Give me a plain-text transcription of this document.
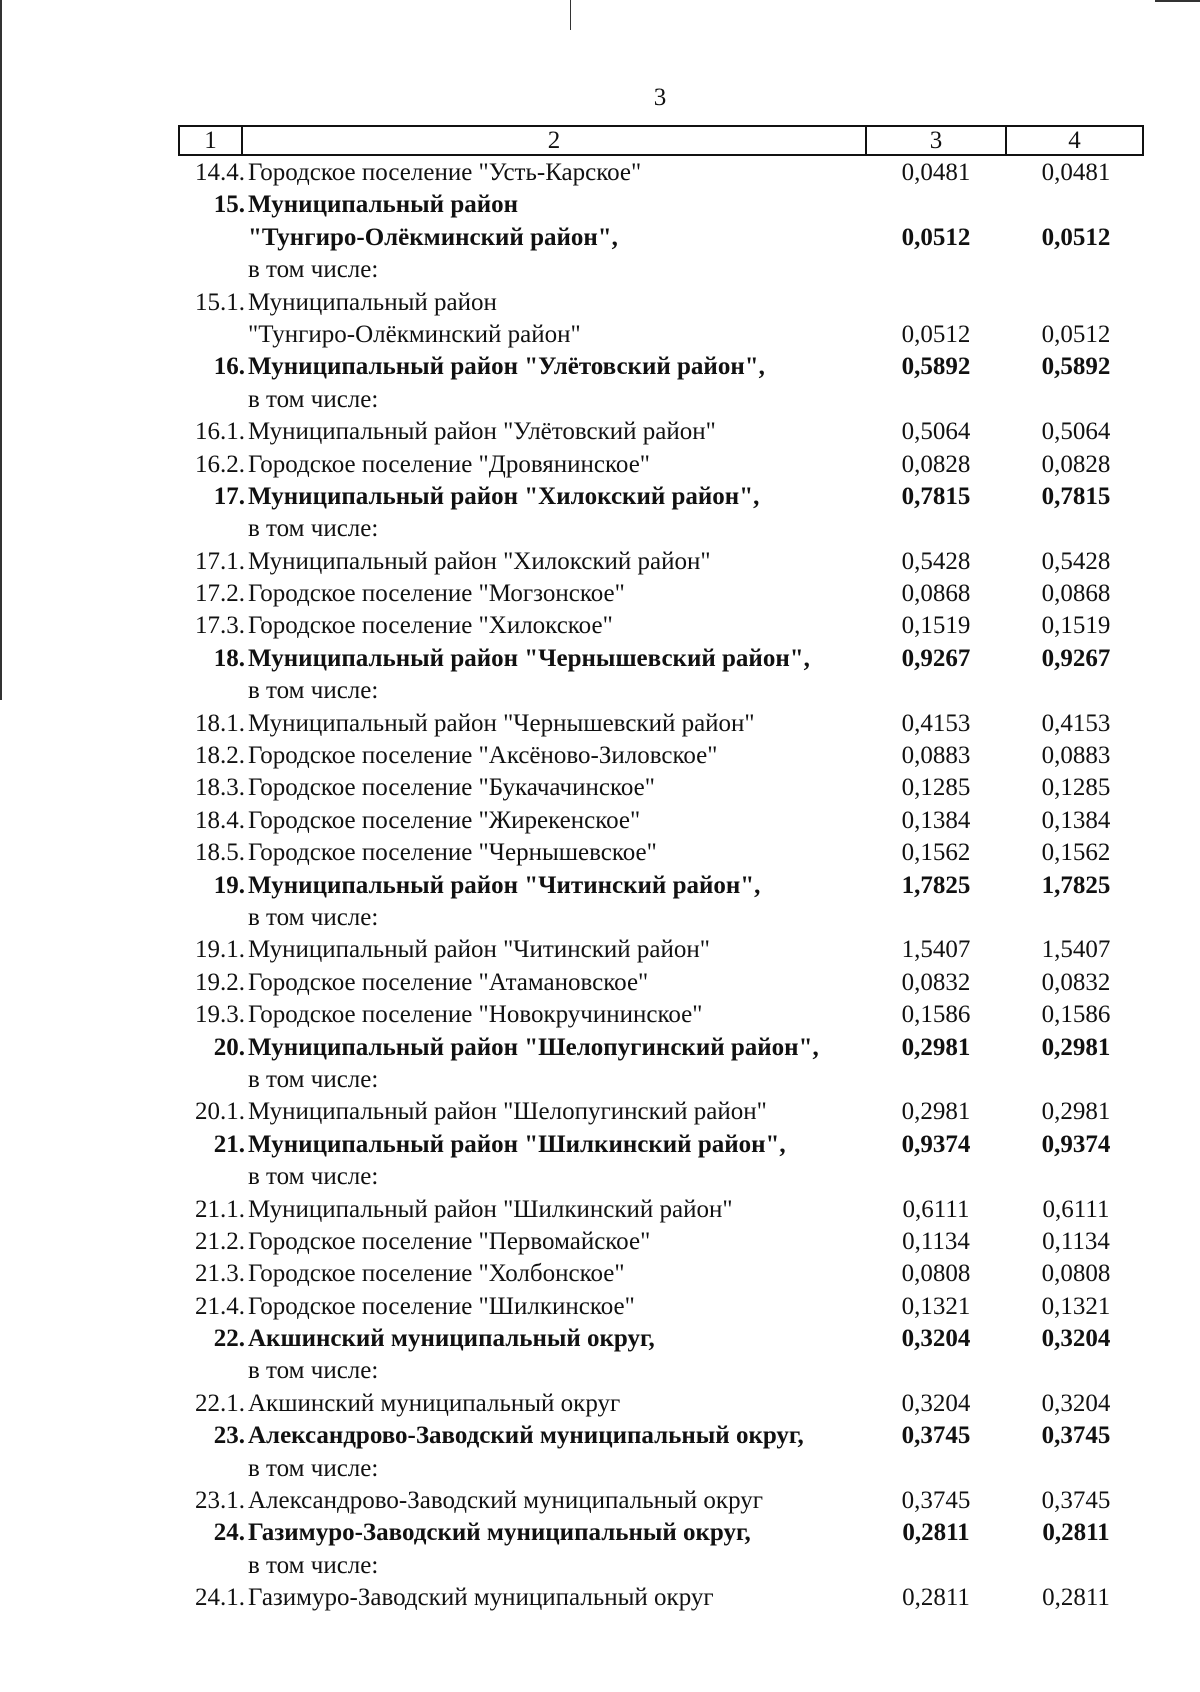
3
1	2	3	4
14.4. Городское поселение "Усть-Карское"	0,0481	0,0481
15. Муниципальный район
"Тунгиро-Олёкминский район",	0,0512	0,0512
в том числе:
15.1. Муниципальный район
"Тунгиро-Олёкминский район"	0,0512	0,0512
16. Муниципальный район "Улётовский район",	0,5892	0,5892
в том числе:
16.1. Муниципальный район "Улётовский район"	0,5064	0,5064
16.2. Городское поселение "Дровянинское"	0,0828	0,0828
17. Муниципальный район "Хилокский район",	0,7815	0,7815
в том числе:
17.1. Муниципальный район "Хилокский район"	0,5428	0,5428
17.2. Городское поселение "Могзонское"	0,0868	0,0868
17.3. Городское поселение "Хилокское"	0,1519	0,1519
18. Муниципальный район "Чернышевский район",	0,9267	0,9267
в том числе:
18.1. Муниципальный район "Чернышевский район"	0,4153	0,4153
18.2. Городское поселение "Аксёново-Зиловское"	0,0883	0,0883
18.3. Городское поселение "Букачачинское"	0,1285	0,1285
18.4. Городское поселение "Жирекенское"	0,1384	0,1384
18.5. Городское поселение "Чернышевское"	0,1562	0,1562
19. Муниципальный район "Читинский район",	1,7825	1,7825
в том числе:
19.1. Муниципальный район "Читинский район"	1,5407	1,5407
19.2. Городское поселение "Атамановское"	0,0832	0,0832
19.3. Городское поселение "Новокручининское"	0,1586	0,1586
20. Муниципальный район "Шелопугинский район",	0,2981	0,2981
в том числе:
20.1. Муниципальный район "Шелопугинский район"	0,2981	0,2981
21. Муниципальный район "Шилкинский район",	0,9374	0,9374
в том числе:
21.1. Муниципальный район "Шилкинский район"	0,6111	0,6111
21.2. Городское поселение "Первомайское"	0,1134	0,1134
21.3. Городское поселение "Холбонское"	0,0808	0,0808
21.4. Городское поселение "Шилкинское"	0,1321	0,1321
22. Акшинский муниципальный округ,	0,3204	0,3204
в том числе:
22.1. Акшинский муниципальный округ	0,3204	0,3204
23. Александрово-Заводский муниципальный округ,	0,3745	0,3745
в том числе:
23.1. Александрово-Заводский муниципальный округ	0,3745	0,3745
24. Газимуро-Заводский муниципальный округ,	0,2811	0,2811
в том числе:
24.1. Газимуро-Заводский муниципальный округ	0,2811	0,2811
